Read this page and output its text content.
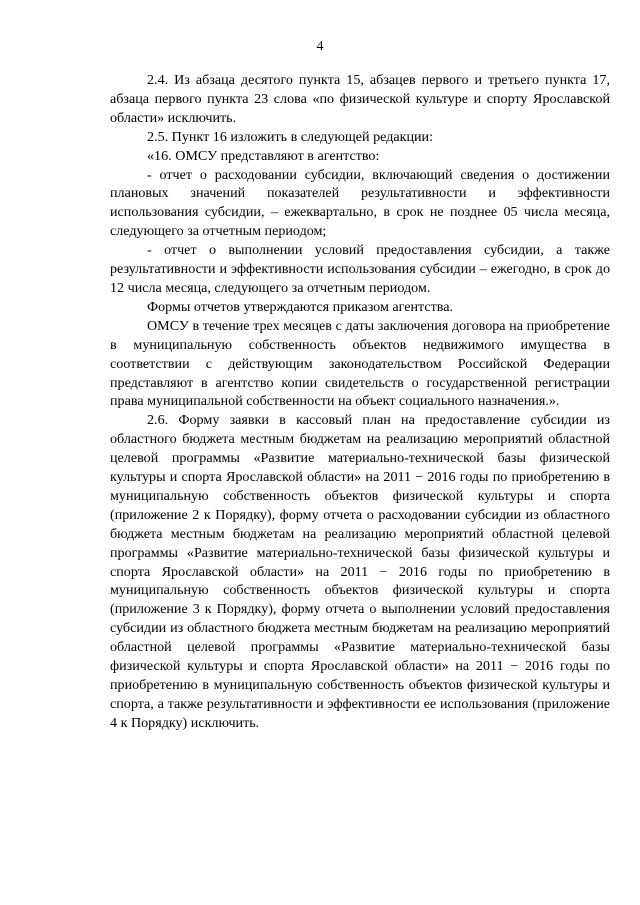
4

2.4. Из абзаца десятого пункта 15, абзацев первого и третьего пункта 17, абзаца первого пункта 23 слова «по физической культуре и спорту Ярославской области» исключить.

2.5. Пункт 16 изложить в следующей редакции:

«16. ОМСУ представляют в агентство:

- отчет о расходовании субсидии, включающий сведения о достижении плановых значений показателей результативности и эффективности использования субсидии, – ежеквартально, в срок не позднее 05 числа месяца, следующего за отчетным периодом;

- отчет о выполнении условий предоставления субсидии, а также результативности и эффективности использования субсидии – ежегодно, в срок до 12 числа месяца, следующего за отчетным периодом.

Формы отчетов утверждаются приказом агентства.

ОМСУ в течение трех месяцев с даты заключения договора на приобретение в муниципальную собственность объектов недвижимого имущества в соответствии с действующим законодательством Российской Федерации представляют в агентство копии свидетельств о государственной регистрации права муниципальной собственности на объект социального назначения.».

2.6. Форму заявки в кассовый план на предоставление субсидии из областного бюджета местным бюджетам на реализацию мероприятий областной целевой программы «Развитие материально-технической базы физической культуры и спорта Ярославской области» на 2011 − 2016 годы по приобретению в муниципальную собственность объектов физической культуры и спорта (приложение 2 к Порядку), форму отчета о расходовании субсидии из областного бюджета местным бюджетам на реализацию мероприятий областной целевой программы «Развитие материально-технической базы физической культуры и спорта Ярославской области» на 2011 − 2016 годы по приобретению в муниципальную собственность объектов физической культуры и спорта (приложение 3 к Порядку), форму отчета о выполнении условий предоставления субсидии из областного бюджета местным бюджетам на реализацию мероприятий областной целевой программы «Развитие материально-технической базы физической культуры и спорта Ярославской области» на 2011 − 2016 годы по приобретению в муниципальную собственность объектов физической культуры и спорта, а также результативности и эффективности ее использования (приложение 4 к Порядку) исключить.
